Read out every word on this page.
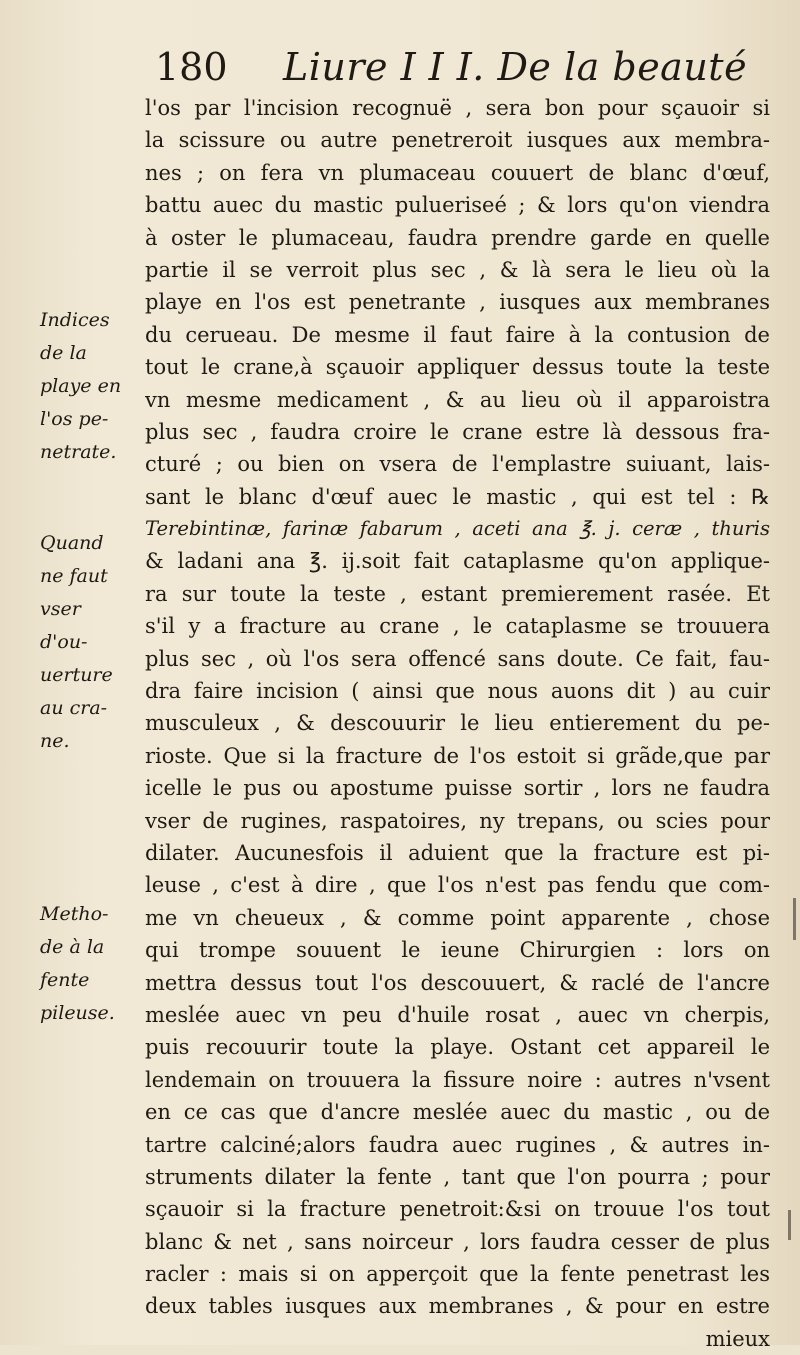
180 Liure I I I. De la beauté
l'os par l'incision recognuë , sera bon pour sçauoir si
la scissure ou autre penetreroit iusques aux membra-
nes ; on fera vn plumaceau couuert de blanc d'œuf,
battu auec du mastic pulueriseé ; & lors qu'on viendra
à oster le plumaceau, faudra prendre garde en quelle
partie il se verroit plus sec , & là sera le lieu où la
playe en l'os est penetrante , iusques aux membranes
du cerueau. De mesme il faut faire à la contusion de
tout le crane,à sçauoir appliquer dessus toute la teste
vn mesme medicament , & au lieu où il apparoistra
plus sec , faudra croire le crane estre là dessous fra-
cturé ; ou bien on vsera de l'emplastre suiuant, lais-
sant le blanc d'œuf auec le mastic , qui est tel : ℞
Terebintinæ, farinæ fabarum , aceti ana ℥. j. ceræ , thuris
& ladani ana ℥. ij.soit fait cataplasme qu'on applique-
ra sur toute la teste , estant premierement rasée. Et
s'il y a fracture au crane , le cataplasme se trouuera
plus sec , où l'os sera offencé sans doute. Ce fait, fau-
dra faire incision ( ainsi que nous auons dit ) au cuir
musculeux , & descouurir le lieu entierement du pe-
rioste. Que si la fracture de l'os estoit si grãde,que par
icelle le pus ou apostume puisse sortir , lors ne faudra
vser de rugines, raspatoires, ny trepans, ou scies pour
dilater. Aucunesfois il aduient que la fracture est pi-
leuse , c'est à dire , que l'os n'est pas fendu que com-
me vn cheueux , & comme point apparente , chose
qui trompe souuent le ieune Chirurgien : lors on
mettra dessus tout l'os descouuert, & raclé de l'ancre
meslée auec vn peu d'huile rosat , auec vn cherpis,
puis recouurir toute la playe. Ostant cet appareil le
lendemain on trouuera la fissure noire : autres n'vsent
en ce cas que d'ancre meslée auec du mastic , ou de
tartre calciné;alors faudra auec rugines , & autres in-
struments dilater la fente , tant que l'on pourra ; pour
sçauoir si la fracture penetroit:&si on trouue l'os tout
blanc & net , sans noirceur , lors faudra cesser de plus
racler : mais si on apperçoit que la fente penetrast les
deux tables iusques aux membranes , & pour en estre
mieux
Indices
de la
playe en
l'os pe-
netrate.
Quand
ne faut
vser
d'ou-
uerture
au cra-
ne.
Metho-
de à la
fente
pileuse.
